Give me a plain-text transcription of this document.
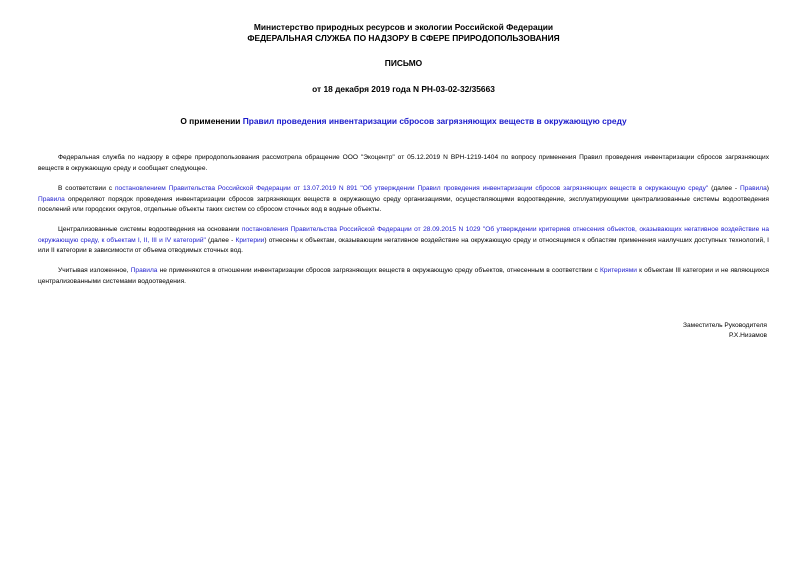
Министерство природных ресурсов и экологии Российской Федерации
ФЕДЕРАЛЬНАЯ СЛУЖБА ПО НАДЗОРУ В СФЕРЕ ПРИРОДОПОЛЬЗОВАНИЯ
ПИСЬМО
от 18 декабря 2019 года N РН-03-02-32/35663
О применении Правил проведения инвентаризации сбросов загрязняющих веществ в окружающую среду
Федеральная служба по надзору в сфере природопользования рассмотрела обращение ООО "Экоцентр" от 05.12.2019 N ВРН-1219-1404 по вопросу применения Правил проведения инвентаризации сбросов загрязняющих веществ в окружающую среду и сообщает следующее.
В соответствии с постановлением Правительства Российской Федерации от 13.07.2019 N 891 "Об утверждении Правил проведения инвентаризации сбросов загрязняющих веществ в окружающую среду" (далее - Правила) Правила определяют порядок проведения инвентаризации сбросов загрязняющих веществ в окружающую среду организациями, осуществляющими водоотведение, эксплуатирующими централизованные системы водоотведения поселений или городских округов, отдельные объекты таких систем со сбросом сточных вод в водные объекты.
Централизованные системы водоотведения на основании постановления Правительства Российской Федерации от 28.09.2015 N 1029 "Об утверждении критериев отнесения объектов, оказывающих негативное воздействие на окружающую среду, к объектам I, II, III и IV категорий" (далее - Критерии) отнесены к объектам, оказывающим негативное воздействие на окружающую среду и относящимся к областям применения наилучших доступных технологий, I или II категории в зависимости от объема отводимых сточных вод.
Учитывая изложенное, Правила не применяются в отношении инвентаризации сбросов загрязняющих веществ в окружающую среду объектов, отнесенным в соответствии с Критериями к объектам III категории и не являющихся централизованными системами водоотведения.
Заместитель Руководителя
Р.Х.Низамов
